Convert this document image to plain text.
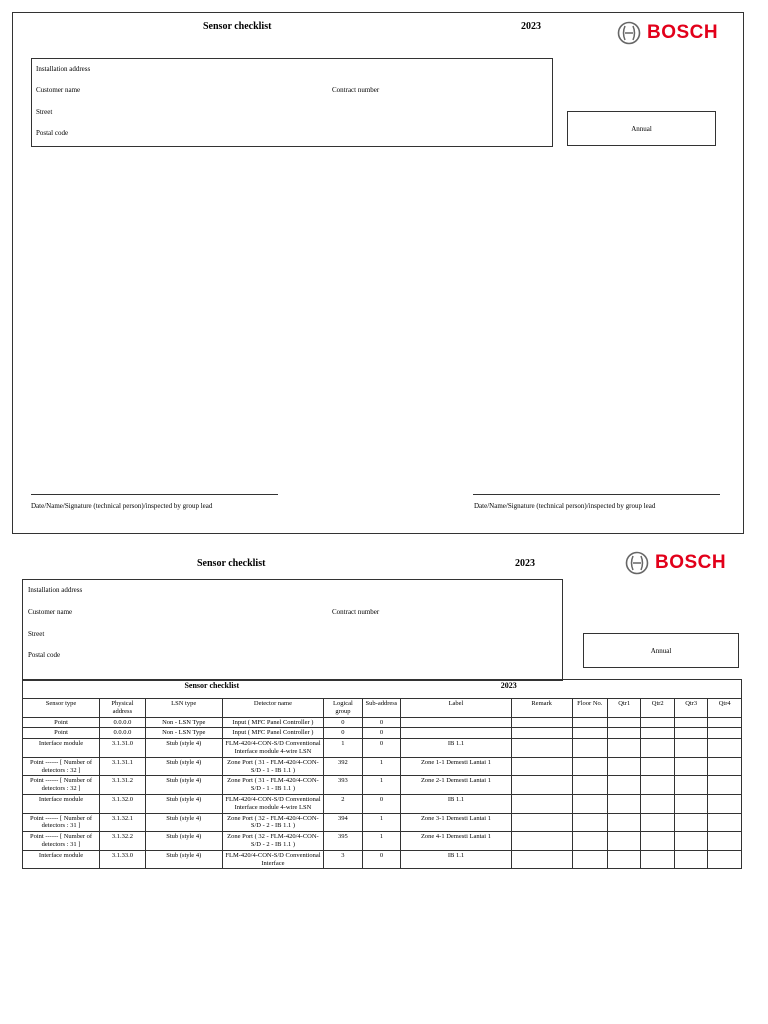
Sensor checklist	2023	BOSCH
Installation address
Customer name	Contract number
Street
Postal code
Annual
Date/Name/Signature (technical person)/inspected by group lead	Date/Name/Signature (technical person)/inspected by group lead
Sensor checklist	2023	BOSCH
Installation address
Customer name	Contract number
Street
Postal code
Annual
Sensor checklist						2023						
Sensor type	Physical address	LSN type	Detector name	Logical group	Sub-address	Label	Remark	Floor No.	Qtr1	Qtr2	Qtr3	Qtr4
Point	0.0.0.0	Non - LSN Type	Input ( MFC Panel Controller )	0	0							
Point	0.0.0.0	Non - LSN Type	Input ( MFC Panel Controller )	0	0							
Interface module	3.1.31.0	Stub (style 4)	FLM-420/4-CON-S/D Conventional Interface module 4-wire LSN	1	0	IB 1.1						
Point ------ [ Number of detectors : 32 ]	3.1.31.1	Stub (style 4)	Zone Port ( 31 - FLM-420/4-CON-S/D - 1 - IB 1.1 )	392	1	Zone 1-1 Demesti Lantai 1						
Point ------ [ Number of detectors : 32 ]	3.1.31.2	Stub (style 4)	Zone Port ( 31 - FLM-420/4-CON-S/D - 1 - IB 1.1 )	393	1	Zone 2-1 Demesti Lantai 1						
Interface module	3.1.32.0	Stub (style 4)	FLM-420/4-CON-S/D Conventional Interface module 4-wire LSN	2	0	IB 1.1						
Point ------ [ Number of detectors : 31 ]	3.1.32.1	Stub (style 4)	Zone Port ( 32 - FLM-420/4-CON-S/D - 2 - IB 1.1 )	394	1	Zone 3-1 Demesti Lantai 1						
Point ------ [ Number of detectors : 31 ]	3.1.32.2	Stub (style 4)	Zone Port ( 32 - FLM-420/4-CON-S/D - 2 - IB 1.1 )	395	1	Zone 4-1 Demesti Lantai 1						
Interface module	3.1.33.0	Stub (style 4)	FLM-420/4-CON-S/D Conventional Interface	3	0	IB 1.1						
